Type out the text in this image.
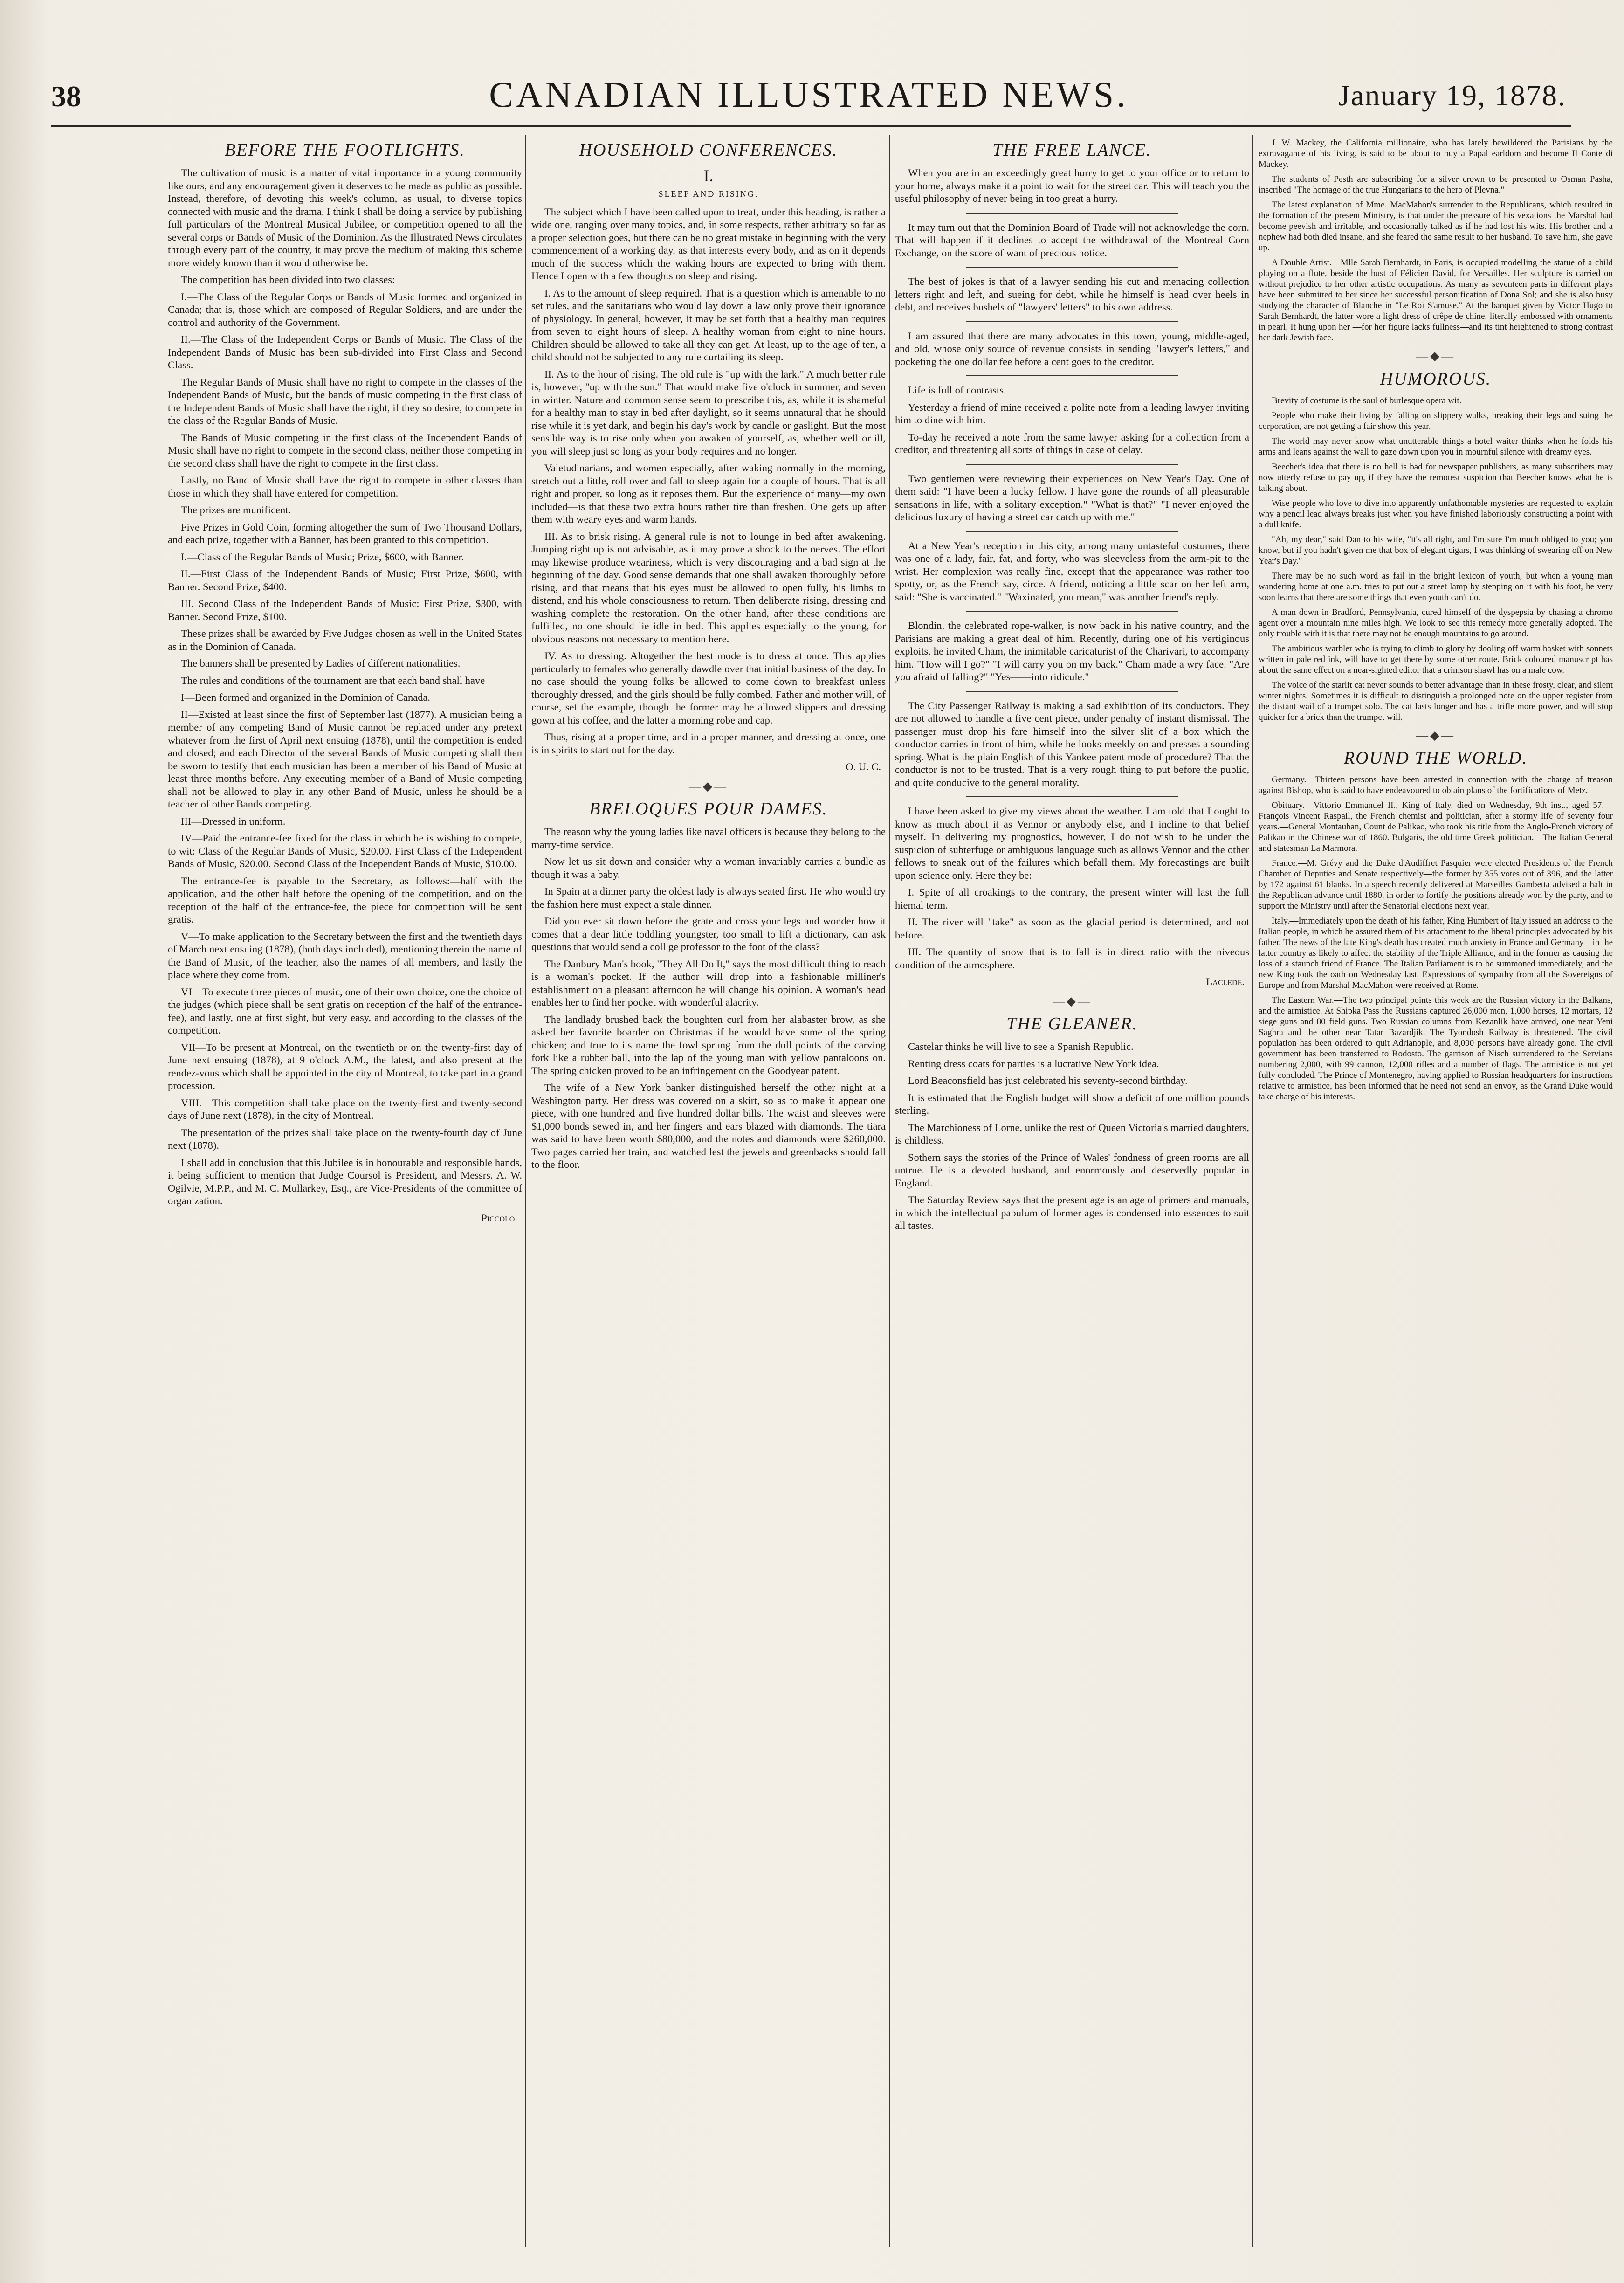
38	CANADIAN ILLUSTRATED NEWS.	January 19, 1878.
BEFORE THE FOOTLIGHTS.

The cultivation of music is a matter of vital importance in a young community like ours, and any encouragement given it deserves to be made as public as possible. Instead, therefore, of devoting this week's column, as usual, to diverse topics connected with music and the drama, I think I shall be doing a service by publishing full particulars of the Montreal Musical Jubilee, or competition opened to all the several corps or Bands of Music of the Dominion. As the Illustrated News circulates through every part of the country, it may prove the medium of making this scheme more widely known than it would otherwise be.

The competition has been divided into two classes:

I.—The Class of the Regular Corps or Bands of Music formed and organized in Canada; that is, those which are composed of Regular Soldiers, and are under the control and authority of the Government.

II.—The Class of the Independent Corps or Bands of Music. The Class of the Independent Bands of Music has been sub-divided into First Class and Second Class.

The Regular Bands of Music shall have no right to compete in the classes of the Independent Bands of Music, but the bands of music competing in the first class of the Independent Bands of Music shall have the right, if they so desire, to compete in the class of the Regular Bands of Music.

The Bands of Music competing in the first class of the Independent Bands of Music shall have no right to compete in the second class, neither those competing in the second class shall have the right to compete in the first class.

Lastly, no Band of Music shall have the right to compete in other classes than those in which they shall have entered for competition.

The prizes are munificent.

Five Prizes in Gold Coin, forming altogether the sum of Two Thousand Dollars, and each prize, together with a Banner, has been granted to this competition.

I.—Class of the Regular Bands of Music; Prize, $600, with Banner.

II.—First Class of the Independent Bands of Music; First Prize, $600, with Banner. Second Prize, $400.

III. Second Class of the Independent Bands of Music: First Prize, $300, with Banner. Second Prize, $100.

These prizes shall be awarded by Five Judges chosen as well in the United States as in the Dominion of Canada.

The banners shall be presented by Ladies of different nationalities.

The rules and conditions of the tournament are that each band shall have

I—Been formed and organized in the Dominion of Canada.

II—Existed at least since the first of September last (1877). A musician being a member of any competing Band of Music cannot be replaced under any pretext whatever from the first of April next ensuing (1878), until the competition is ended and closed; and each Director of the several Bands of Music competing shall then be sworn to testify that each musician has been a member of his Band of Music at least three months before. Any executing member of a Band of Music competing shall not be allowed to play in any other Band of Music, unless he should be a teacher of other Bands competing.

III—Dressed in uniform.

IV—Paid the entrance-fee fixed for the class in which he is wishing to compete, to wit: Class of the Regular Bands of Music, $20.00. First Class of the Independent Bands of Music, $20.00. Second Class of the Independent Bands of Music, $10.00.

The entrance-fee is payable to the Secretary, as follows:—half with the application, and the other half before the opening of the competition, and on the reception of the half of the entrance-fee, the piece for competition will be sent gratis.

V—To make application to the Secretary between the first and the twentieth days of March next ensuing (1878), (both days included), mentioning therein the name of the Band of Music, of the teacher, also the names of all members, and lastly the place where they come from.

VI—To execute three pieces of music, one of their own choice, one the choice of the judges (which piece shall be sent gratis on reception of the half of the entrance-fee), and lastly, one at first sight, but very easy, and according to the classes of the competition.

VII—To be present at Montreal, on the twentieth or on the twenty-first day of June next ensuing (1878), at 9 o'clock A.M., the latest, and also present at the rendez-vous which shall be appointed in the city of Montreal, to take part in a grand procession.

VIII.—This competition shall take place on the twenty-first and twenty-second days of June next (1878), in the city of Montreal.

The presentation of the prizes shall take place on the twenty-fourth day of June next (1878).

I shall add in conclusion that this Jubilee is in honourable and responsible hands, it being sufficient to mention that Judge Coursol is President, and Messrs. A. W. Ogilvie, M.P.P., and M. C. Mullarkey, Esq., are Vice-Presidents of the committee of organization.

Piccolo.
HOUSEHOLD CONFERENCES.
I.
SLEEP AND RISING.

The subject which I have been called upon to treat, under this heading, is rather a wide one, ranging over many topics, and, in some respects, rather arbitrary so far as a proper selection goes, but there can be no great mistake in beginning with the very commencement of a working day, as that interests every body, and as on it depends much of the success which the waking hours are expected to bring with them. Hence I open with a few thoughts on sleep and rising.

I. As to the amount of sleep required. That is a question which is amenable to no set rules, and the sanitarians who would lay down a law only prove their ignorance of physiology. In general, however, it may be set forth that a healthy man requires from seven to eight hours of sleep. A healthy woman from eight to nine hours. Children should be allowed to take all they can get. At least, up to the age of ten, a child should not be subjected to any rule curtailing its sleep.

II. As to the hour of rising. The old rule is "up with the lark." A much better rule is, however, "up with the sun." That would make five o'clock in summer, and seven in winter. Nature and common sense seem to prescribe this, as, while it is shameful for a healthy man to stay in bed after daylight, so it seems unnatural that he should rise while it is yet dark, and begin his day's work by candle or gaslight. But the most sensible way is to rise only when you awaken of yourself, as, whether well or ill, you will sleep just so long as your body requires and no longer.

Valetudinarians, and women especially, after waking normally in the morning, stretch out a little, roll over and fall to sleep again for a couple of hours. That is all right and proper, so long as it reposes them. But the experience of many—my own included—is that these two extra hours rather tire than freshen. One gets up after them with weary eyes and warm hands.

III. As to brisk rising. A general rule is not to lounge in bed after awakening. Jumping right up is not advisable, as it may prove a shock to the nerves. The effort may likewise produce weariness, which is very discouraging and a bad sign at the beginning of the day. Good sense demands that one shall awaken thoroughly before rising, and that means that his eyes must be allowed to open fully, his limbs to distend, and his whole consciousness to return. Then deliberate rising, dressing and washing complete the restoration. On the other hand, after these conditions are fulfilled, no one should lie idle in bed. This applies especially to the young, for obvious reasons not necessary to mention here.

IV. As to dressing. Altogether the best mode is to dress at once. This applies particularly to females who generally dawdle over that initial business of the day. In no case should the young folks be allowed to come down to breakfast unless thoroughly dressed, and the girls should be fully combed. Father and mother will, of course, set the example, though the former may be allowed slippers and dressing gown at his coffee, and the latter a morning robe and cap.

Thus, rising at a proper time, and in a proper manner, and dressing at once, one is in spirits to start out for the day.

O. U. C.
—◆—
BRELOQUES POUR DAMES.

The reason why the young ladies like naval officers is because they belong to the marry-time service.

Now let us sit down and consider why a woman invariably carries a bundle as though it was a baby.

In Spain at a dinner party the oldest lady is always seated first. He who would try the fashion here must expect a stale dinner.

Did you ever sit down before the grate and cross your legs and wonder how it comes that a dear little toddling youngster, too small to lift a dictionary, can ask questions that would send a coll ge professor to the foot of the class?

The Danbury Man's book, "They All Do It," says the most difficult thing to reach is a woman's pocket. If the author will drop into a fashionable milliner's establishment on a pleasant afternoon he will change his opinion. A woman's head enables her to find her pocket with wonderful alacrity.

The landlady brushed back the boughten curl from her alabaster brow, as she asked her favorite boarder on Christmas if he would have some of the spring chicken; and true to its name the fowl sprung from the dull points of the carving fork like a rubber ball, into the lap of the young man with yellow pantaloons on. The spring chicken proved to be an infringement on the Goodyear patent.

The wife of a New York banker distinguished herself the other night at a Washington party. Her dress was covered on a skirt, so as to make it appear one piece, with one hundred and five hundred dollar bills. The waist and sleeves were $1,000 bonds sewed in, and her fingers and ears blazed with diamonds. The tiara was said to have been worth $80,000, and the notes and diamonds were $260,000. Two pages carried her train, and watched lest the jewels and greenbacks should fall to the floor.

THE FREE LANCE.

When you are in an exceedingly great hurry to get to your office or to return to your home, always make it a point to wait for the street car. This will teach you the useful philosophy of never being in too great a hurry.

It may turn out that the Dominion Board of Trade will not acknowledge the corn. That will happen if it declines to accept the withdrawal of the Montreal Corn Exchange, on the score of want of precious notice.

The best of jokes is that of a lawyer sending his cut and menacing collection letters right and left, and sueing for debt, while he himself is head over heels in debt, and receives bushels of "lawyers' letters" to his own address.

I am assured that there are many advocates in this town, young, middle-aged, and old, whose only source of revenue consists in sending "lawyer's letters," and pocketing the one dollar fee before a cent goes to the creditor.

Life is full of contrasts.

Yesterday a friend of mine received a polite note from a leading lawyer inviting him to dine with him.

To-day he received a note from the same lawyer asking for a collection from a creditor, and threatening all sorts of things in case of delay.

Two gentlemen were reviewing their experiences on New Year's Day. One of them said: "I have been a lucky fellow. I have gone the rounds of all pleasurable sensations in life, with a solitary exception." "What is that?" "I never enjoyed the delicious luxury of having a street car catch up with me."

At a New Year's reception in this city, among many untasteful costumes, there was one of a lady, fair, fat, and forty, who was sleeveless from the arm-pit to the wrist. Her complexion was really fine, except that the appearance was rather too spotty, or, as the French say, circe. A friend, noticing a little scar on her left arm, said: "She is vaccinated." "Waxinated, you mean," was another friend's reply.

Blondin, the celebrated rope-walker, is now back in his native country, and the Parisians are making a great deal of him. Recently, during one of his vertiginous exploits, he invited Cham, the inimitable caricaturist of the Charivari, to accompany him. "How will I go?" "I will carry you on my back." Cham made a wry face. "Are you afraid of falling?" "Yes——into ridicule."

The City Passenger Railway is making a sad exhibition of its conductors. They are not allowed to handle a five cent piece, under penalty of instant dismissal. The passenger must drop his fare himself into the silver slit of a box which the conductor carries in front of him, while he looks meekly on and presses a sounding spring. What is the plain English of this Yankee patent mode of procedure? That the conductor is not to be trusted. That is a very rough thing to put before the public, and quite conducive to the general morality.

I have been asked to give my views about the weather. I am told that I ought to know as much about it as Vennor or anybody else, and I incline to that belief myself. In delivering my prognostics, however, I do not wish to be under the suspicion of subterfuge or ambiguous language such as allows Vennor and the other fellows to sneak out of the failures which befall them. My forecastings are built upon science only. Here they be:

I. Spite of all croakings to the contrary, the present winter will last the full hiemal term.

II. The river will "take" as soon as the glacial period is determined, and not before.

III. The quantity of snow that is to fall is in direct ratio with the niveous condition of the atmosphere.

Laclede.
—◆—
THE GLEANER.

Castelar thinks he will live to see a Spanish Republic.

Renting dress coats for parties is a lucrative New York idea.

Lord Beaconsfield has just celebrated his seventy-second birthday.

It is estimated that the English budget will show a deficit of one million pounds sterling.

The Marchioness of Lorne, unlike the rest of Queen Victoria's married daughters, is childless.

Sothern says the stories of the Prince of Wales' fondness of green rooms are all untrue. He is a devoted husband, and enormously and deservedly popular in England.

The Saturday Review says that the present age is an age of primers and manuals, in which the intellectual pabulum of former ages is condensed into essences to suit all tastes.

J. W. Mackey, the California millionaire, who has lately bewildered the Parisians by the extravagance of his living, is said to be about to buy a Papal earldom and become Il Conte di Mackey.

The students of Pesth are subscribing for a silver crown to be presented to Osman Pasha, inscribed "The homage of the true Hungarians to the hero of Plevna."

The latest explanation of Mme. MacMahon's surrender to the Republicans, which resulted in the formation of the present Ministry, is that under the pressure of his vexations the Marshal had become peevish and irritable, and occasionally talked as if he had lost his wits. His brother and a nephew had both died insane, and she feared the same result to her husband. To save him, she gave up.

A Double Artist.—Mlle Sarah Bernhardt, in Paris, is occupied modelling the statue of a child playing on a flute, beside the bust of Félicien David, for Versailles. Her sculpture is carried on without prejudice to her other artistic occupations. As many as seventeen parts in different plays have been submitted to her since her successful personification of Dona Sol; and she is also busy studying the character of Blanche in "Le Roi S'amuse." At the banquet given by Victor Hugo to Sarah Bernhardt, the latter wore a light dress of crêpe de chine, literally embossed with ornaments in pearl. It hung upon her —for her figure lacks fullness—and its tint heightened to strong contrast her dark Jewish face.

—◆—
HUMOROUS.

Brevity of costume is the soul of burlesque opera wit.

People who make their living by falling on slippery walks, breaking their legs and suing the corporation, are not getting a fair show this year.

The world may never know what unutterable things a hotel waiter thinks when he folds his arms and leans against the wall to gaze down upon you in mournful silence with dreamy eyes.

Beecher's idea that there is no hell is bad for newspaper publishers, as many subscribers may now utterly refuse to pay up, if they have the remotest suspicion that Beecher knows what he is talking about.

Wise people who love to dive into apparently unfathomable mysteries are requested to explain why a pencil lead always breaks just when you have finished laboriously constructing a point with a dull knife.

"Ah, my dear," said Dan to his wife, "it's all right, and I'm sure I'm much obliged to you; you know, but if you hadn't given me that box of elegant cigars, I was thinking of swearing off on New Year's Day."

There may be no such word as fail in the bright lexicon of youth, but when a young man wandering home at one a.m. tries to put out a street lamp by stepping on it with his foot, he very soon learns that there are some things that even youth can't do.

A man down in Bradford, Pennsylvania, cured himself of the dyspepsia by chasing a chromo agent over a mountain nine miles high. We look to see this remedy more generally adopted. The only trouble with it is that there may not be enough mountains to go around.

The ambitious warbler who is trying to climb to glory by dooling off warm basket with sonnets written in pale red ink, will have to get there by some other route. Brick coloured manuscript has about the same effect on a near-sighted editor that a crimson shawl has on a male cow.

The voice of the starlit cat never sounds to better advantage than in these frosty, clear, and silent winter nights. Sometimes it is difficult to distinguish a prolonged note on the upper register from the distant wail of a trumpet solo. The cat lasts longer and has a trifle more power, and will stop quicker for a brick than the trumpet will.

—◆—
ROUND THE WORLD.

Germany.—Thirteen persons have been arrested in connection with the charge of treason against Bishop, who is said to have endeavoured to obtain plans of the fortifications of Metz.

Obituary.—Vittorio Emmanuel II., King of Italy, died on Wednesday, 9th inst., aged 57.—François Vincent Raspail, the French chemist and politician, after a stormy life of seventy four years.—General Montauban, Count de Palikao, who took his title from the Anglo-French victory of Palikao in the Chinese war of 1860. Bulgaris, the old time Greek politician.—The Italian General and statesman La Marmora.

France.—M. Grévy and the Duke d'Audiffret Pasquier were elected Presidents of the French Chamber of Deputies and Senate respectively—the former by 355 votes out of 396, and the latter by 172 against 61 blanks. In a speech recently delivered at Marseilles Gambetta advised a halt in the Republican advance until 1880, in order to fortify the positions already won by the party, and to support the Ministry until after the Senatorial elections next year.

Italy.—Immediately upon the death of his father, King Humbert of Italy issued an address to the Italian people, in which he assured them of his attachment to the liberal principles advocated by his father. The news of the late King's death has created much anxiety in France and Germany—in the latter country as likely to affect the stability of the Triple Alliance, and in the former as causing the loss of a staunch friend of France. The Italian Parliament is to be summoned immediately, and the new King took the oath on Wednesday last. Expressions of sympathy from all the Sovereigns of Europe and from Marshal MacMahon were received at Rome.

The Eastern War.—The two principal points this week are the Russian victory in the Balkans, and the armistice. At Shipka Pass the Russians captured 26,000 men, 1,000 horses, 12 mortars, 12 siege guns and 80 field guns. Two Russian columns from Kezanlik have arrived, one near Yeni Saghra and the other near Tatar Bazardjik. The Tyondosh Railway is threatened. The civil population has been ordered to quit Adrianople, and 8,000 persons have already gone. The civil government has been transferred to Rodosto. The garrison of Nisch surrendered to the Servians numbering 2,000, with 99 cannon, 12,000 rifles and a number of flags. The armistice is not yet fully concluded. The Prince of Montenegro, having applied to Russian headquarters for instructions relative to armistice, has been informed that he need not send an envoy, as the Grand Duke would take charge of his interests.
